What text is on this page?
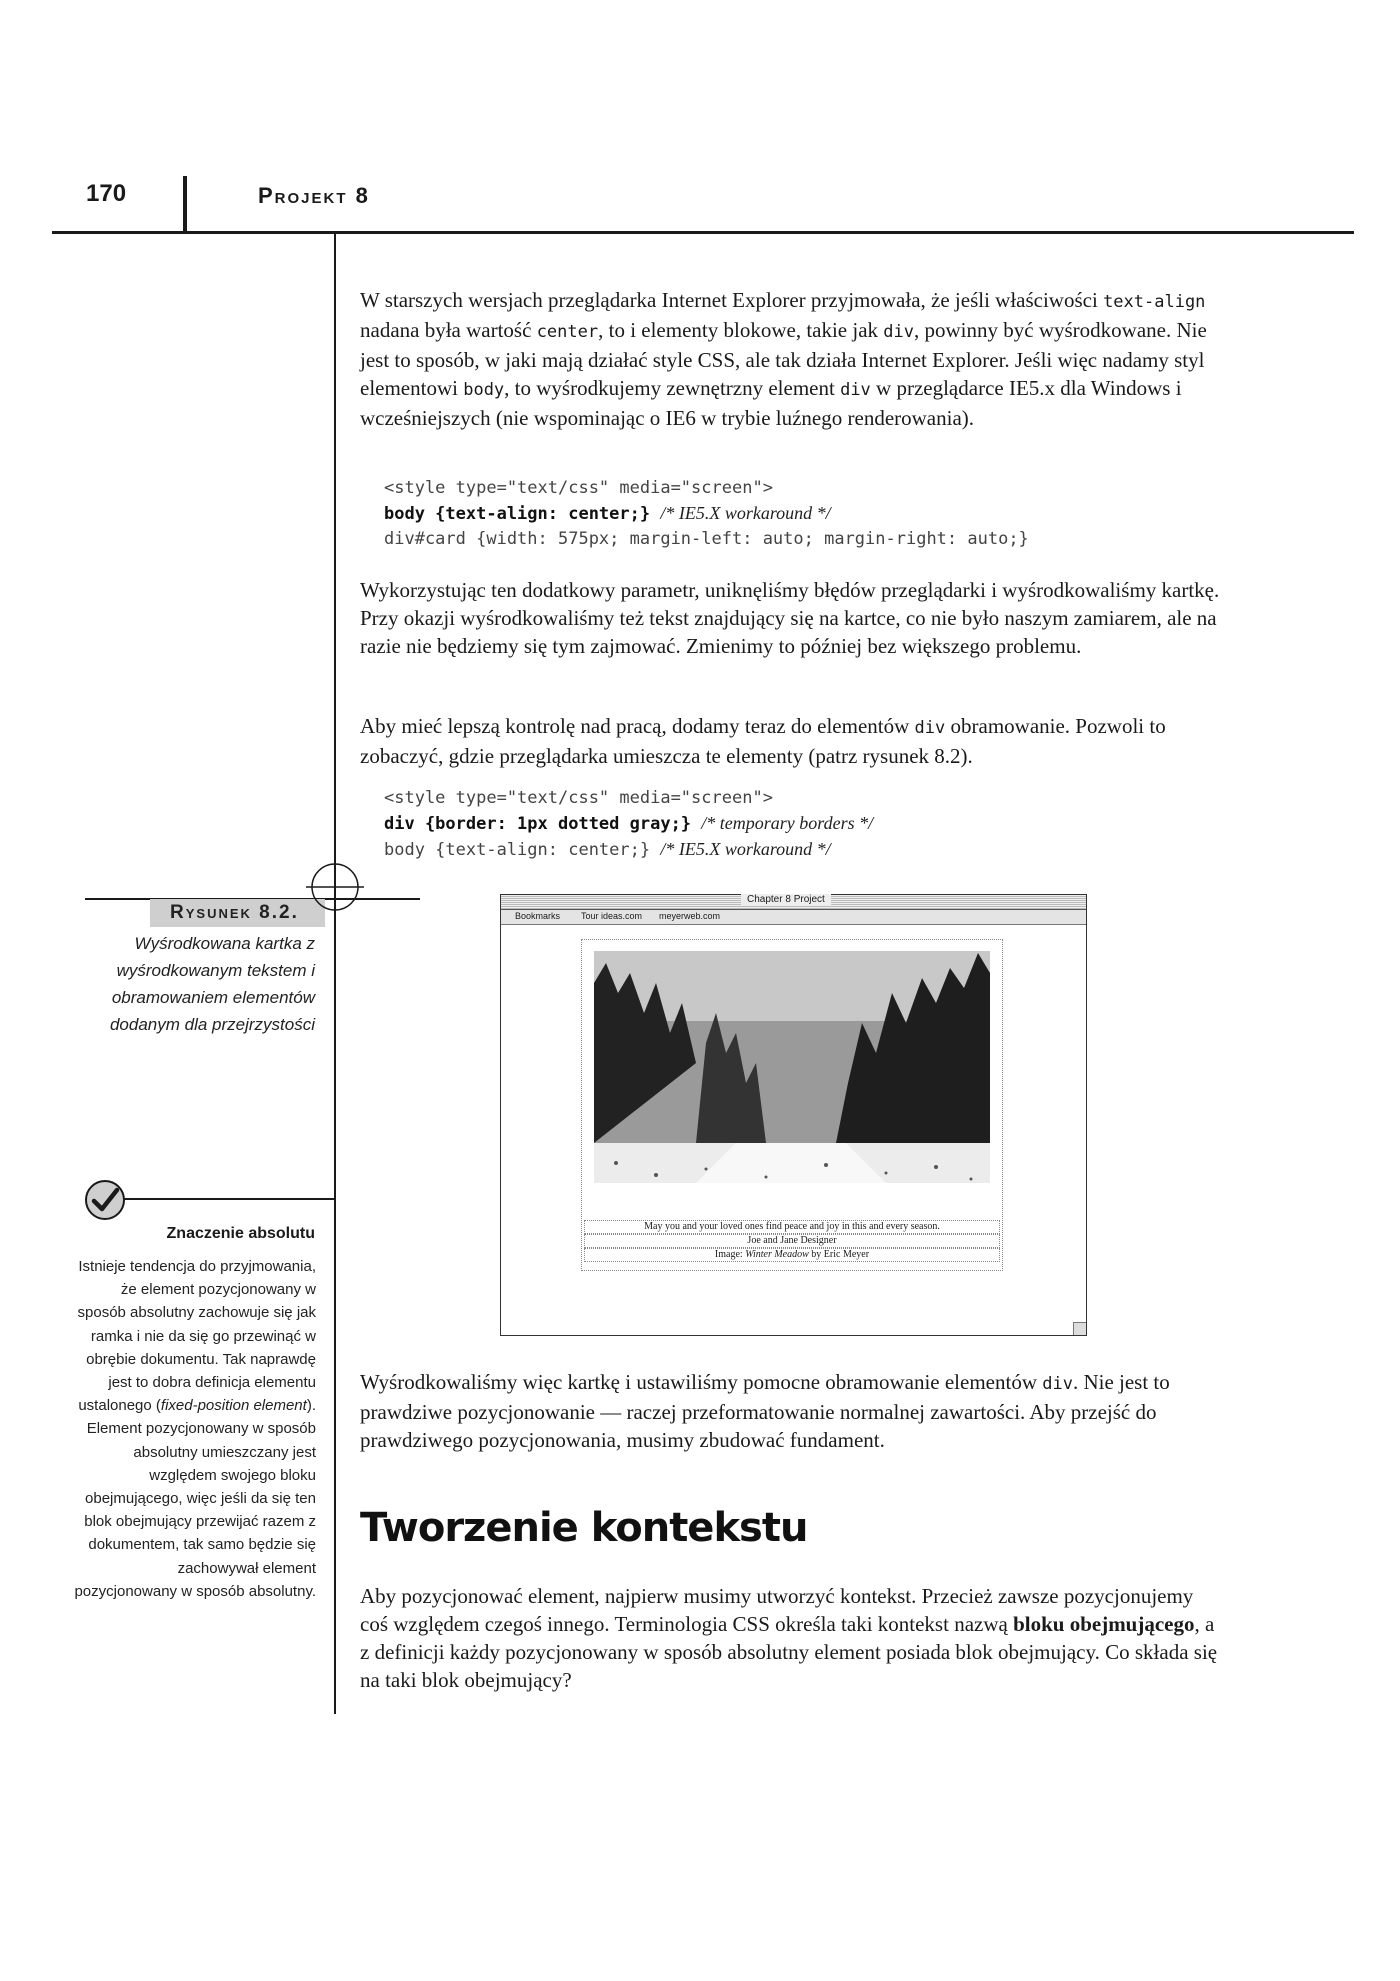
170	Projekt 8

W starszych wersjach przeglądarka Internet Explorer przyjmowała, że jeśli właściwości text-align nadana była wartość center, to i elementy blokowe, takie jak div, powinny być wyśrodkowane. Nie jest to sposób, w jaki mają działać style CSS, ale tak działa Internet Explorer. Jeśli więc nadamy styl elementowi body, to wyśrodkujemy zewnętrzny element div w przeglądarce IE5.x dla Windows i wcześniejszych (nie wspominając o IE6 w trybie luźnego renderowania).

<style type="text/css" media="screen">
body {text-align: center;} /* IE5.X workaround */
div#card {width: 575px; margin-left: auto; margin-right: auto;}

Wykorzystując ten dodatkowy parametr, uniknęliśmy błędów przeglądarki i wyśrodkowaliśmy kartkę. Przy okazji wyśrodkowaliśmy też tekst znajdujący się na kartce, co nie było naszym zamiarem, ale na razie nie będziemy się tym zajmować. Zmienimy to później bez większego problemu.

Aby mieć lepszą kontrolę nad pracą, dodamy teraz do elementów div obramowanie. Pozwoli to zobaczyć, gdzie przeglądarka umieszcza te elementy (patrz rysunek 8.2).

<style type="text/css" media="screen">
div {border: 1px dotted gray;} /* temporary borders */
body {text-align: center;} /* IE5.X workaround */
Rysunek 8.2.
Wyśrodkowana kartka z wyśrodkowanym tekstem i obramowaniem elementów dodanym dla przejrzystości
Chapter 8 Project
Bookmarks Tour ideas.com meyerweb.com
May you and your loved ones find peace and joy in this and every season.
Joe and Jane Designer
Image: Winter Meadow by Eric Meyer
Znaczenie absolutu
Istnieje tendencja do przyjmowania, że element pozycjonowany w sposób absolutny zachowuje się jak ramka i nie da się go przewinąć w obrębie dokumentu. Tak naprawdę jest to dobra definicja elementu ustalonego (fixed-position element). Element pozycjonowany w sposób absolutny umieszczany jest względem swojego bloku obejmującego, więc jeśli da się ten blok obejmujący przewijać razem z dokumentem, tak samo będzie się zachowywał element pozycjonowany w sposób absolutny.

Wyśrodkowaliśmy więc kartkę i ustawiliśmy pomocne obramowanie elementów div. Nie jest to prawdziwe pozycjonowanie — raczej przeformatowanie normalnej zawartości. Aby przejść do prawdziwego pozycjonowania, musimy zbudować fundament.

Tworzenie kontekstu

Aby pozycjonować element, najpierw musimy utworzyć kontekst. Przecież zawsze pozycjonujemy coś względem czegoś innego. Terminologia CSS określa taki kontekst nazwą bloku obejmującego, a z definicji każdy pozycjonowany w sposób absolutny element posiada blok obejmujący. Co składa się na taki blok obejmujący?
